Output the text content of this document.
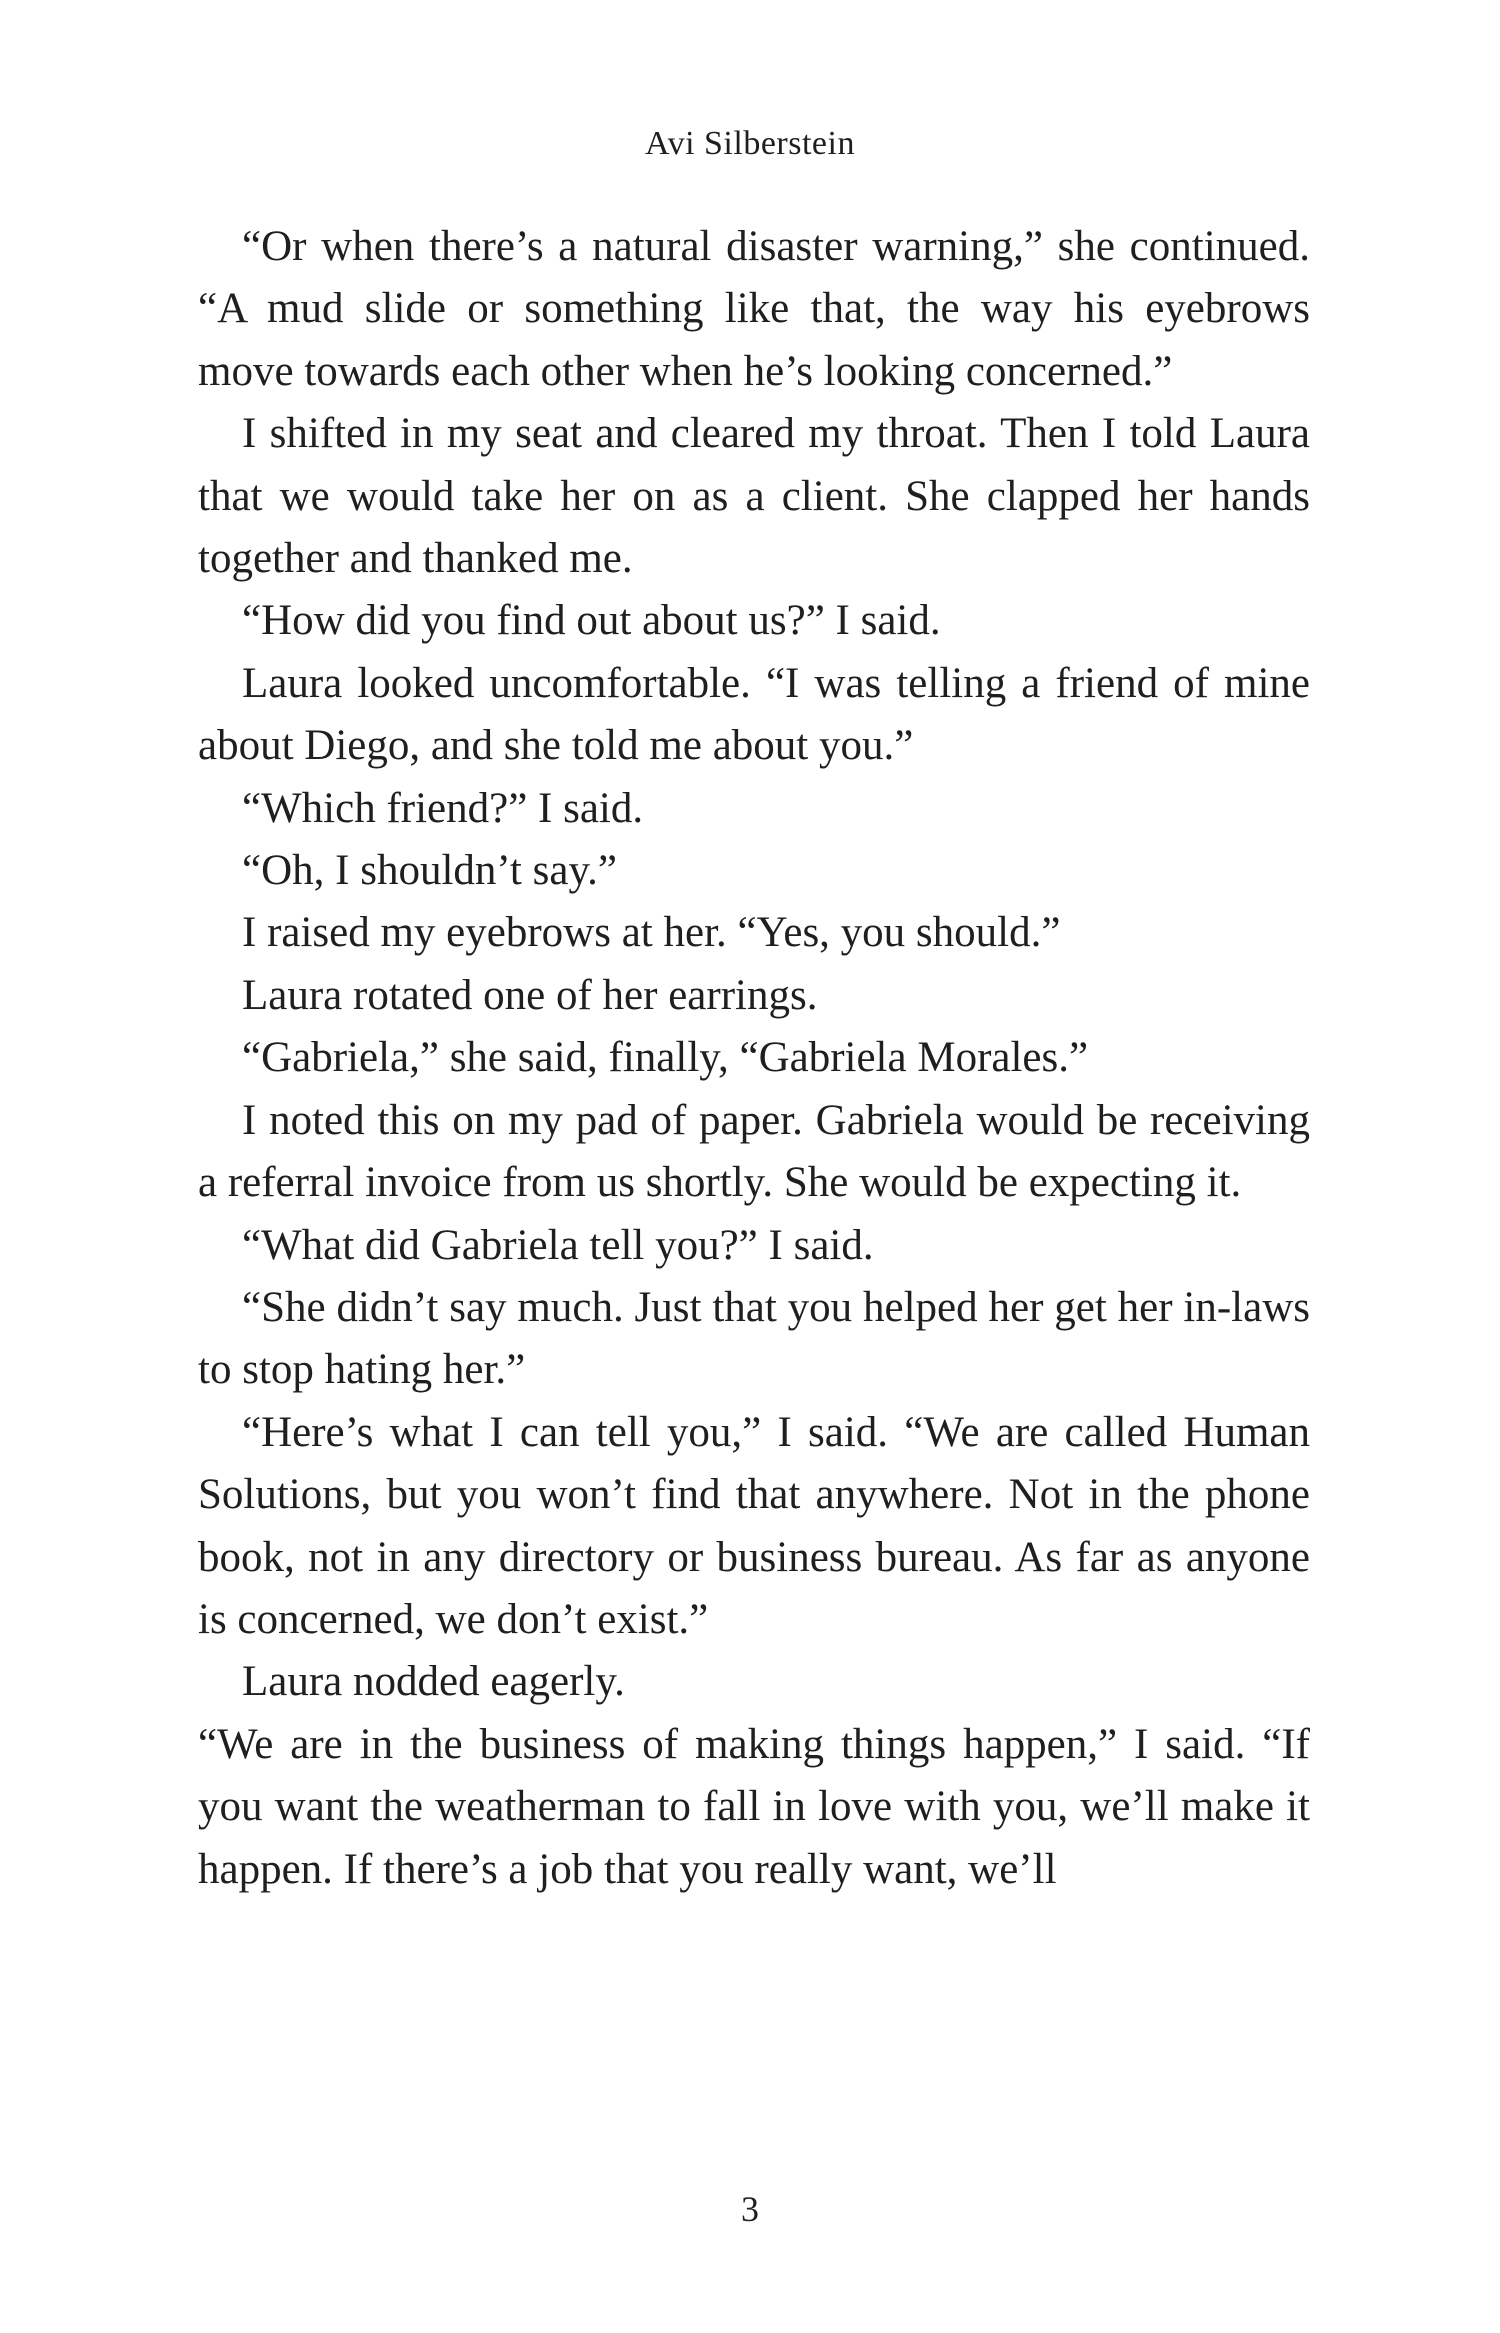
Avi Silberstein

“Or when there’s a natural disaster warning,” she continued. “A mud slide or something like that, the way his eyebrows move towards each other when he’s looking concerned.”

I shifted in my seat and cleared my throat. Then I told Laura that we would take her on as a client. She clapped her hands together and thanked me.

“How did you find out about us?” I said.

Laura looked uncomfortable. “I was telling a friend of mine about Diego, and she told me about you.”

“Which friend?” I said.

“Oh, I shouldn’t say.”

I raised my eyebrows at her. “Yes, you should.”

Laura rotated one of her earrings.

“Gabriela,” she said, finally, “Gabriela Morales.”

I noted this on my pad of paper. Gabriela would be receiving a referral invoice from us shortly. She would be expecting it.

“What did Gabriela tell you?” I said.

“She didn’t say much. Just that you helped her get her in-laws to stop hating her.”

“Here’s what I can tell you,” I said. “We are called Human Solutions, but you won’t find that anywhere. Not in the phone book, not in any directory or business bureau. As far as anyone is concerned, we don’t exist.”

Laura nodded eagerly.

“We are in the business of making things happen,” I said. “If you want the weatherman to fall in love with you, we’ll make it happen. If there’s a job that you really want, we’ll

3
